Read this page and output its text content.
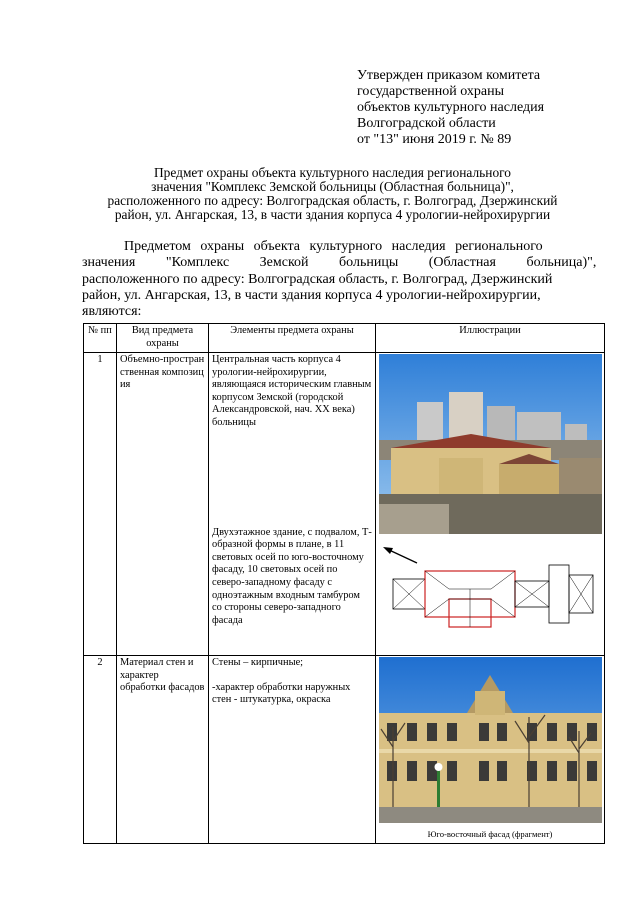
Утвержден приказом комитета
государственной охраны
объектов культурного наследия
Волгоградской области
от "13" июня 2019 г. № 89
Предмет охраны объекта культурного наследия регионального
значения "Комплекс Земской больницы (Областная больница)",
расположенного по адресу: Волгоградская область, г. Волгоград, Дзержинский
район, ул. Ангарская, 13, в части здания корпуса 4 урологии-нейрохирургии
Предметом охраны объекта культурного наследия регионального
значения "Комплекс Земской больницы (Областная больница)",
расположенного по адресу: Волгоградская область, г. Волгоград, Дзержинский
район, ул. Ангарская, 13, в части здания корпуса 4 урологии-нейрохирургии,
являются:
№ пп	Вид предмета охраны	Элементы предмета охраны	Иллюстрации
1	Объемно-пространственная композиция	Центральная часть корпуса 4 урологии-нейрохирургии, являющаяся историческим главным корпусом Земской (городской Александровской, нач. XX века) больницы
Двухэтажное здание, с подвалом, Т-образной формы в плане, в 11 световых осей по юго-восточному фасаду, 10 световых осей по северо-западному фасаду с одноэтажным входным тамбуром со стороны северо-западного фасада

2	Материал стен и характер обработки фасадов	Стены – кирпичные;
-характер обработки наружных стен - штукатурка, окраска	Юго-восточный фасад (фрагмент)
